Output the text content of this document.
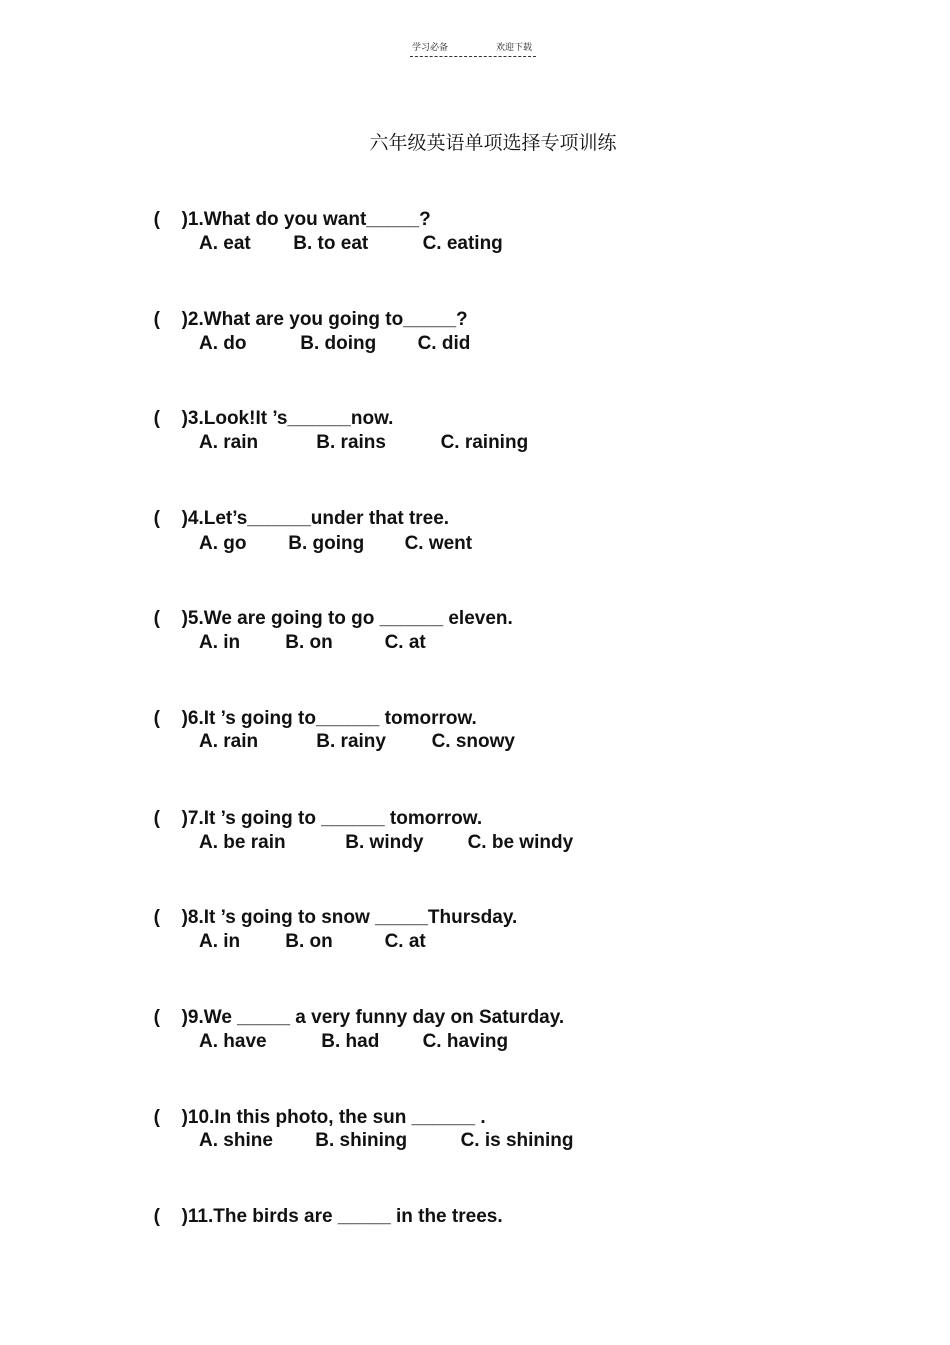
学习必备	欢迎下载
六年级英语单项选择专项训练

( )1.What do you want_____?

A. eat B. to eat	C. eating

( )2.What are you going to_____?

A. do	B. doing C. did

( )3.Look!It ’s______now.

A. rain	B. rains	C. raining

( )4.Let’s______under that tree.

A. go B. going C. went

( )5.We are going to go ______ eleven.

A. in B. on	C. at

( )6.It ’s going to______ tomorrow.

A. rain	B. rainy C. snowy

( )7.It ’s going to ______ tomorrow.

A. be rain	B. windy C. be windy

( )8.It ’s going to snow _____Thursday.

A. in B. on	C. at

( )9.We _____ a very funny day on Saturday.

A. have	B. had C. having

( )10.In this photo, the sun ______ .

A. shine B. shining	C. is shining

( )11.The birds are _____ in the trees.
